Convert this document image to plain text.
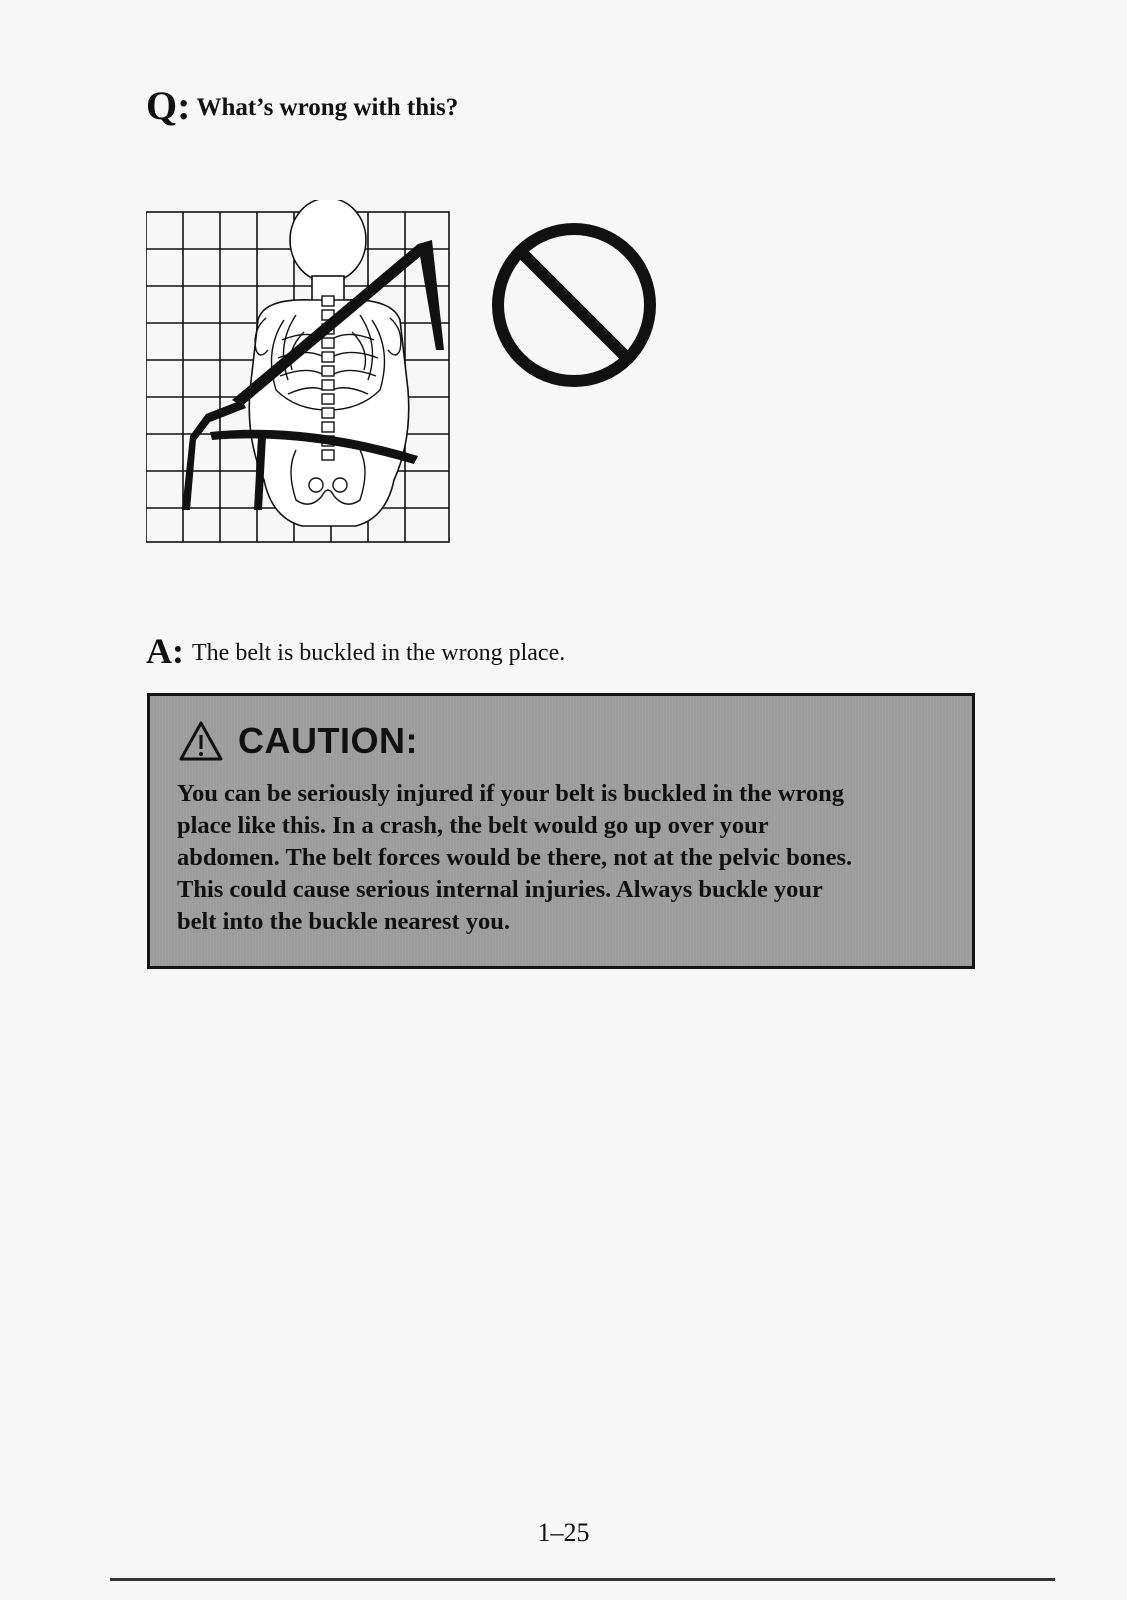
Q: What’s wrong with this?
A: The belt is buckled in the wrong place.
CAUTION:
You can be seriously injured if your belt is buckled in the wrong
place like this. In a crash, the belt would go up over your
abdomen. The belt forces would be there, not at the pelvic bones.
This could cause serious internal injuries. Always buckle your
belt into the buckle nearest you.
1–25
